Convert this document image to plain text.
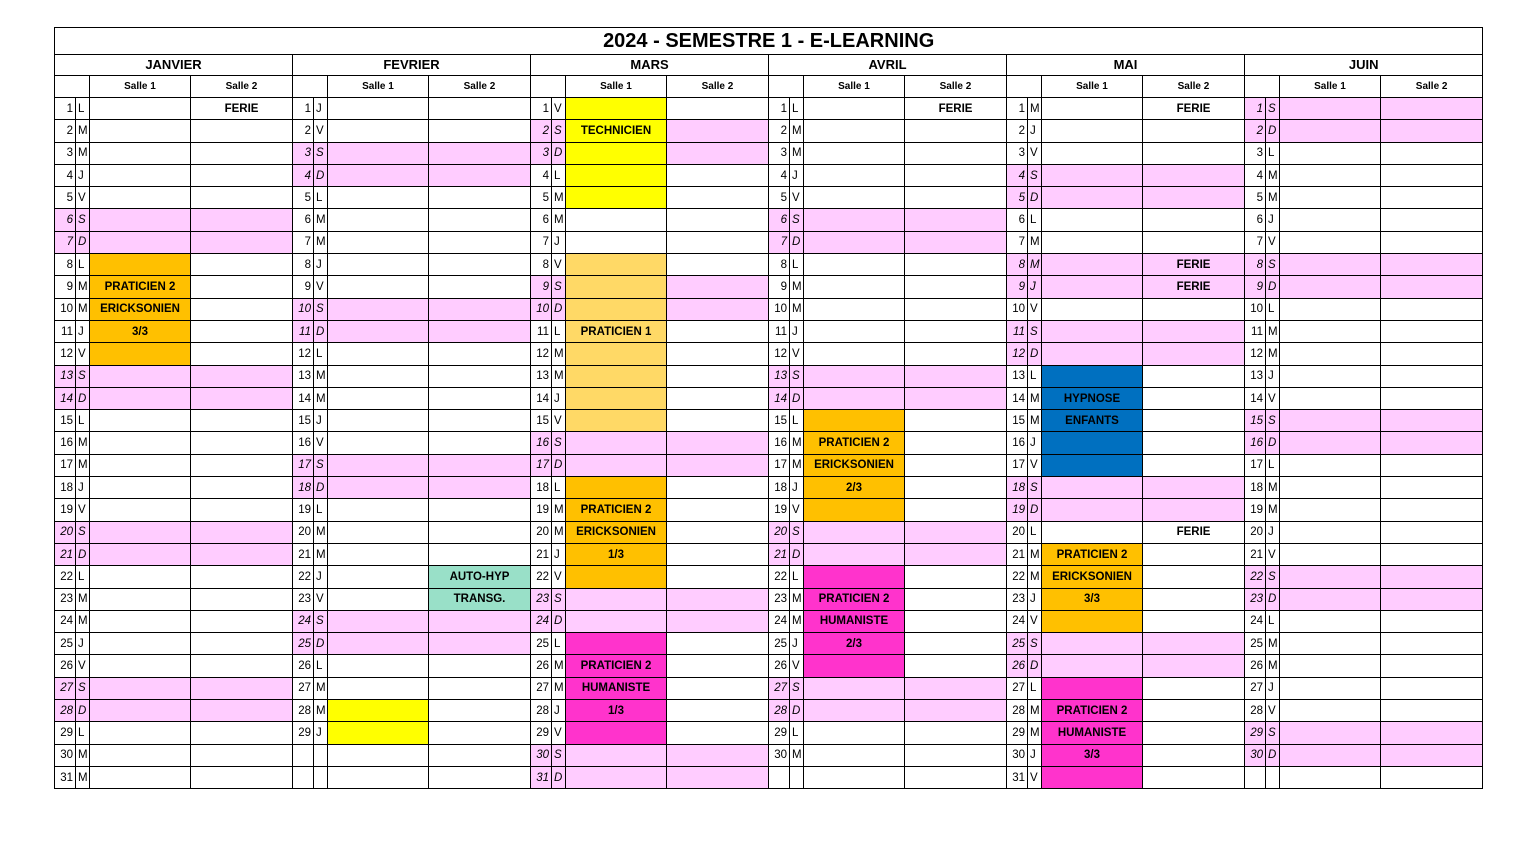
2024 - SEMESTRE 1 - E-LEARNING																							
JANVIER				FEVRIER				MARS				AVRIL				MAI				JUIN			
		Salle 1	Salle 2			Salle 1	Salle 2			Salle 1	Salle 2			Salle 1	Salle 2			Salle 1	Salle 2			Salle 1	Salle 2
1	L		FERIE	1	J			1	V			1	L		FERIE	1	M		FERIE	1	S		
2	M			2	V			2	S	TECHNICIEN		2	M			2	J			2	D		
3	M			3	S			3	D			3	M			3	V			3	L		
4	J			4	D			4	L			4	J			4	S			4	M		
5	V			5	L			5	M			5	V			5	D			5	M		
6	S			6	M			6	M			6	S			6	L			6	J		
7	D			7	M			7	J			7	D			7	M			7	V		
8	L			8	J			8	V			8	L			8	M		FERIE	8	S		
9	M	PRATICIEN 2		9	V			9	S			9	M			9	J		FERIE	9	D		
10	M	ERICKSONIEN		10	S			10	D			10	M			10	V			10	L		
11	J	3/3		11	D			11	L	PRATICIEN 1		11	J			11	S			11	M		
12	V			12	L			12	M			12	V			12	D			12	M		
13	S			13	M			13	M			13	S			13	L			13	J		
14	D			14	M			14	J			14	D			14	M	HYPNOSE		14	V		
15	L			15	J			15	V			15	L			15	M	ENFANTS		15	S		
16	M			16	V			16	S			16	M	PRATICIEN 2		16	J			16	D		
17	M			17	S			17	D			17	M	ERICKSONIEN		17	V			17	L		
18	J			18	D			18	L			18	J	2/3		18	S			18	M		
19	V			19	L			19	M	PRATICIEN 2		19	V			19	D			19	M		
20	S			20	M			20	M	ERICKSONIEN		20	S			20	L		FERIE	20	J		
21	D			21	M			21	J	1/3		21	D			21	M	PRATICIEN 2		21	V		
22	L			22	J		AUTO-HYP	22	V			22	L			22	M	ERICKSONIEN		22	S		
23	M			23	V		TRANSG.	23	S			23	M	PRATICIEN 2		23	J	3/3		23	D		
24	M			24	S			24	D			24	M	HUMANISTE		24	V			24	L		
25	J			25	D			25	L			25	J	2/3		25	S			25	M		
26	V			26	L			26	M	PRATICIEN 2		26	V			26	D			26	M		
27	S			27	M			27	M	HUMANISTE		27	S			27	L			27	J		
28	D			28	M			28	J	1/3		28	D			28	M	PRATICIEN 2		28	V		
29	L			29	J			29	V			29	L			29	M	HUMANISTE		29	S		
30	M							30	S			30	M			30	J	3/3		30	D		
31	M							31	D							31	V						
